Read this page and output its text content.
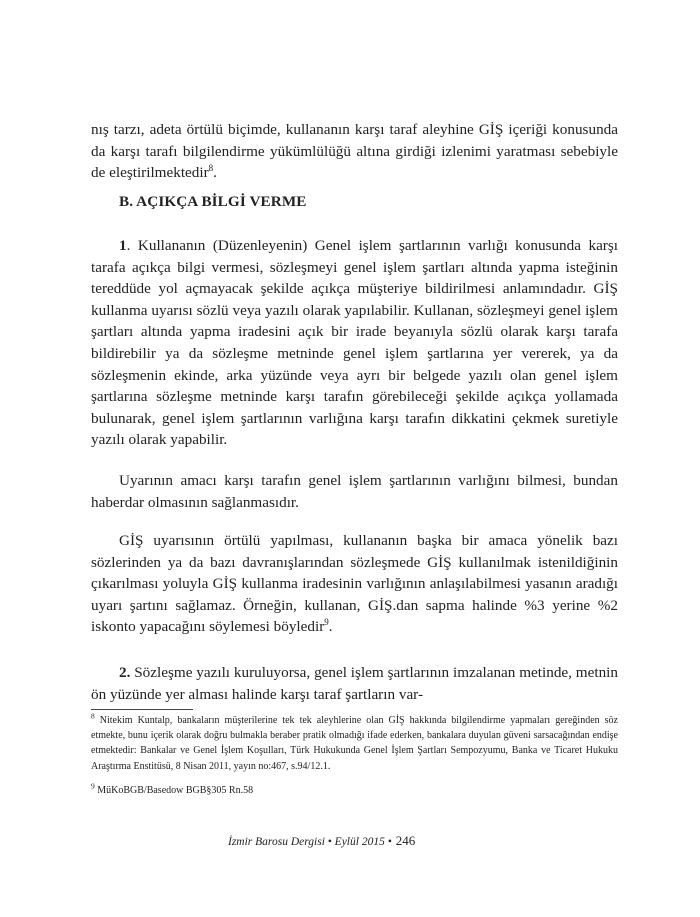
nış tarzı, adeta örtülü biçimde, kullananın karşı taraf aleyhine GİŞ içeriği konusunda da karşı tarafı bilgilendirme yükümlülüğü altına girdiği izlenimi yaratması sebebiyle de eleştirilmektedir$^8$.

B. AÇIKÇA BİLGİ VERME

1. Kullananın (Düzenleyenin) Genel işlem şartlarının varlığı konusunda karşı tarafa açıkça bilgi vermesi, sözleşmeyi genel işlem şartları altında yapma isteğinin tereddüde yol açmayacak şekilde açıkça müşteriye bildirilmesi anlamındadır. GİŞ kullanma uyarısı sözlü veya yazılı olarak yapılabilir. Kullanan, sözleşmeyi genel işlem şartları altında yapma iradesini açık bir irade beyanıyla sözlü olarak karşı tarafa bildirebilir ya da sözleşme metninde genel işlem şartlarına yer vererek, ya da sözleşmenin ekinde, arka yüzünde veya ayrı bir belgede yazılı olan genel işlem şartlarına sözleşme metninde karşı tarafın görebileceği şekilde açıkça yollamada bulunarak, genel işlem şartlarının varlığına karşı tarafın dikkatini çekmek suretiyle yazılı olarak yapabilir.

Uyarının amacı karşı tarafın genel işlem şartlarının varlığını bilmesi, bundan haberdar olmasının sağlanmasıdır.

GİŞ uyarısının örtülü yapılması, kullananın başka bir amaca yönelik bazı sözlerinden ya da bazı davranışlarından sözleşmede GİŞ kullanılmak istenildiğinin çıkarılması yoluyla GİŞ kullanma iradesinin varlığının anlaşılabilmesi yasanın aradığı uyarı şartını sağlamaz. Örneğin, kullanan, GİŞ.dan sapma halinde %3 yerine %2 iskonto yapacağını söylemesi böyledir$^9$.

2. Sözleşme yazılı kuruluyorsa, genel işlem şartlarının imzalanan metinde, metnin ön yüzünde yer alması halinde karşı taraf şartların var-

$^8$ Nitekim Kuntalp, bankaların müşterilerine tek tek aleyhlerine olan GİŞ hakkında bilgilendirme yapmaları gereğinden söz etmekte, bunu içerik olarak doğru bulmakla beraber pratik olmadığı ifade ederken, bankalara duyulan güveni sarsacağından endişe etmektedir: Bankalar ve Genel İşlem Koşulları, Türk Hukukunda Genel İşlem Şartları Sempozyumu, Banka ve Ticaret Hukuku Araştırma Enstitüsü, 8 Nisan 2011, yayın no:467, s.94/12.1.

$^9$ MüKoBGB/Basedow BGB§305 Rn.58

İzmir Barosu Dergisi • Eylül 2015 • 246
